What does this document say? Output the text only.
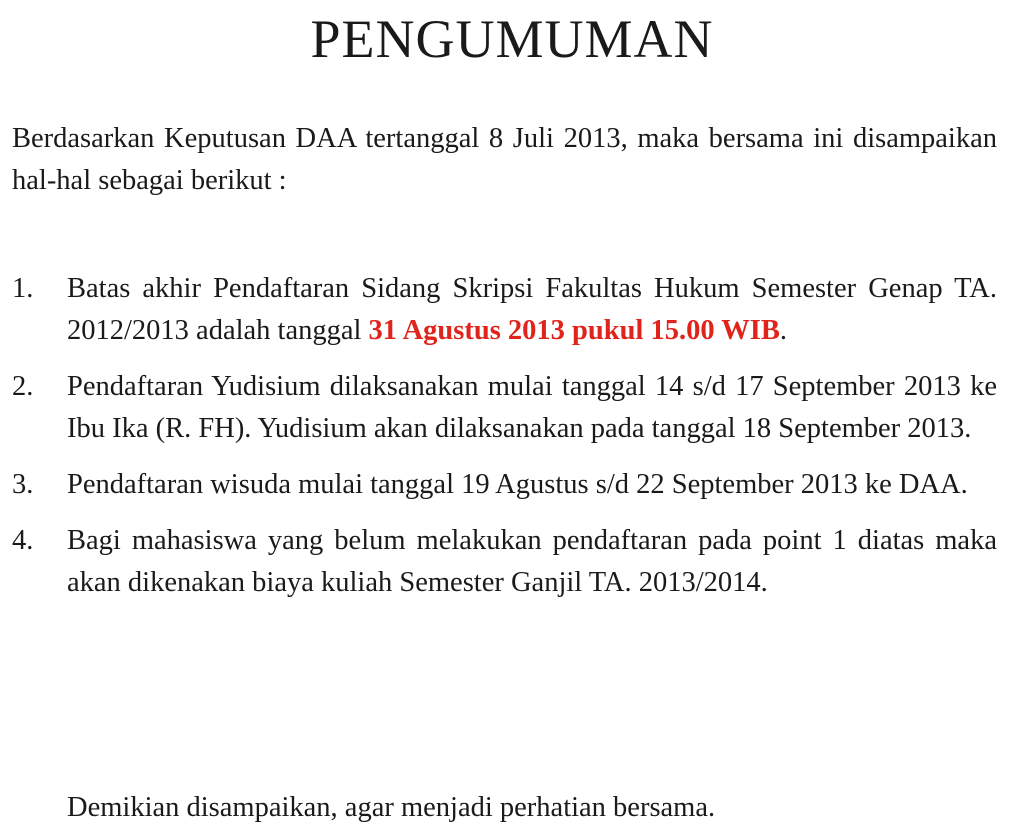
PENGUMUMAN

Berdasarkan Keputusan DAA tertanggal 8 Juli 2013, maka bersama ini disampaikan hal-hal sebagai berikut :

1. Batas akhir Pendaftaran Sidang Skripsi Fakultas Hukum Semester Genap TA. 2012/2013 adalah tanggal 31 Agustus 2013 pukul 15.00 WIB.
2. Pendaftaran Yudisium dilaksanakan mulai tanggal 14 s/d 17 September 2013 ke Ibu Ika (R. FH). Yudisium akan dilaksanakan pada tanggal 18 September 2013.
3. Pendaftaran wisuda mulai tanggal 19 Agustus s/d 22 September 2013 ke DAA.
4. Bagi mahasiswa yang belum melakukan pendaftaran pada point 1 diatas maka akan dikenakan biaya kuliah Semester Ganjil TA. 2013/2014.

Demikian disampaikan, agar menjadi perhatian bersama.
